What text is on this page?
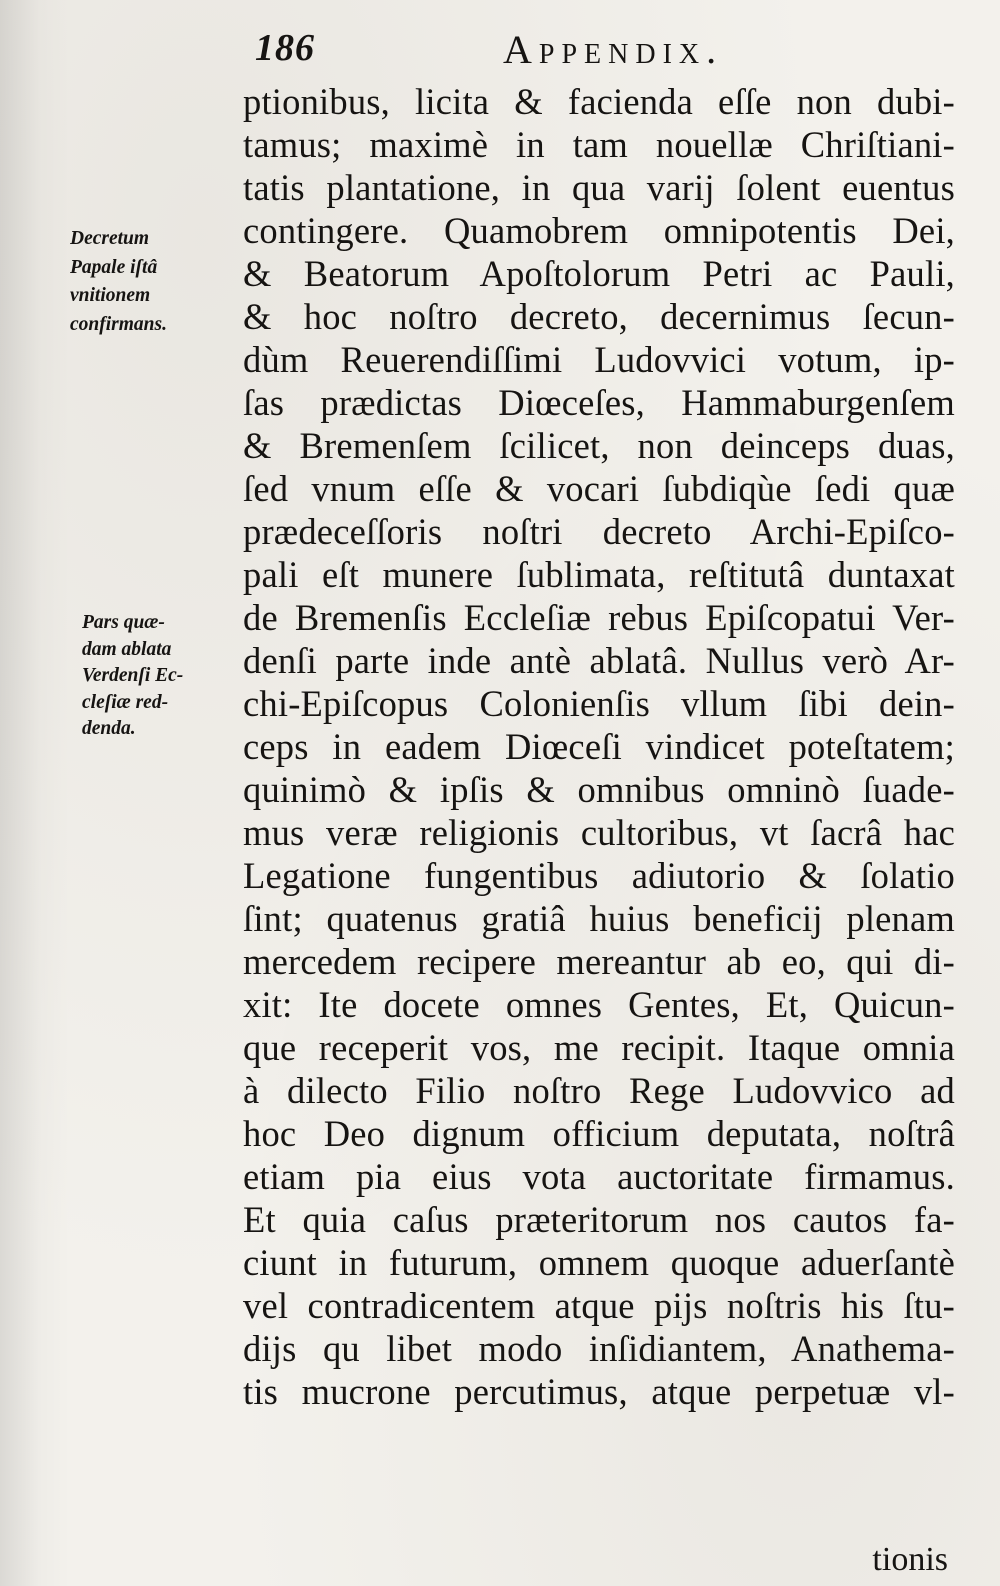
186	Appendix.
Decretum
Papale iſtâ
vnitionem
confirmans.
Pars quæ-
dam ablata
Verdenſi Ec-
cleſiæ red-
denda.
ptionibus, licita & facienda eſſe non dubi-
tamus; maximè in tam nouellæ Chriſtiani-
tatis plantatione, in qua varij ſolent euentus
contingere. Quamobrem omnipotentis Dei,
& Beatorum Apoſtolorum Petri ac Pauli,
& hoc noſtro decreto, decernimus ſecun-
dùm Reuerendiſſimi Ludovvici votum, ip-
ſas prædictas Diœceſes, Hammaburgenſem
& Bremenſem ſcilicet, non deinceps duas,
ſed vnum eſſe & vocari ſubdiqùe ſedi quæ
prædeceſſoris noſtri decreto Archi-Epiſco-
pali eſt munere ſublimata, reſtitutâ duntaxat
de Bremenſis Eccleſiæ rebus Epiſcopatui Ver-
denſi parte inde antè ablatâ. Nullus verò Ar-
chi-Epiſcopus Colonienſis vllum ſibi dein-
ceps in eadem Diœceſi vindicet poteſtatem;
quinimò & ipſis & omnibus omninò ſuade-
mus veræ religionis cultoribus, vt ſacrâ hac
Legatione fungentibus adiutorio & ſolatio
ſint; quatenus gratiâ huius beneficij plenam
mercedem recipere mereantur ab eo, qui di-
xit: Ite docete omnes Gentes, Et, Quicun-
que receperit vos, me recipit. Itaque omnia
à dilecto Filio noſtro Rege Ludovvico ad
hoc Deo dignum officium deputata, noſtrâ
etiam pia eius vota auctoritate firmamus.
Et quia caſus præteritorum nos cautos fa-
ciunt in futurum, omnem quoque aduerſantè
vel contradicentem atque pijs noſtris his ſtu-
dijs qu libet modo inſidiantem, Anathema-
tis mucrone percutimus, atque perpetuæ vl-
tionis
